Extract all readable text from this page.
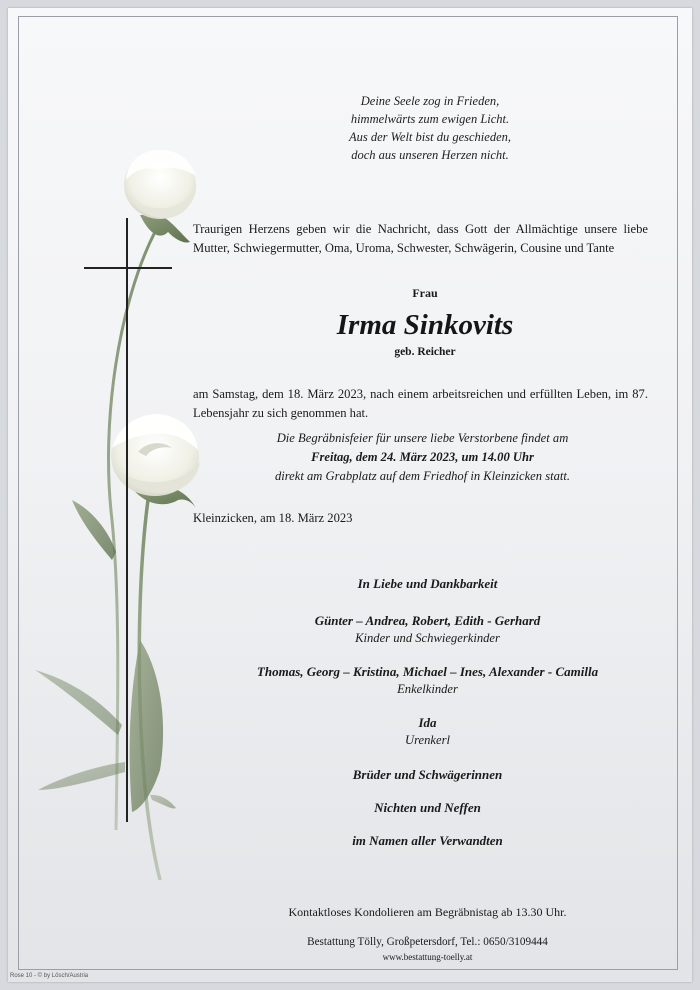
Deine Seele zog in Frieden,
himmelwärts zum ewigen Licht.
Aus der Welt bist du geschieden,
doch aus unseren Herzen nicht.
Traurigen Herzens geben wir die Nachricht, dass Gott der Allmächtige unsere liebe Mutter, Schwiegermutter, Oma, Uroma, Schwester, Schwägerin, Cousine und Tante
Frau
Irma Sinkovits
geb. Reicher
am Samstag, dem 18. März 2023, nach einem arbeitsreichen und erfüllten Leben, im 87. Lebensjahr zu sich genommen hat.
Die Begräbnisfeier für unsere liebe Verstorbene findet am
Freitag, dem 24. März 2023, um 14.00 Uhr
direkt am Grabplatz auf dem Friedhof in Kleinzicken statt.
Kleinzicken, am 18. März 2023
In Liebe und Dankbarkeit
Günter – Andrea, Robert, Edith - Gerhard
Kinder und Schwiegerkinder
Thomas, Georg – Kristina, Michael – Ines, Alexander - Camilla
Enkelkinder
Ida
Urenkerl
Brüder und Schwägerinnen
Nichten und Neffen
im Namen aller Verwandten
Kontaktloses Kondolieren am Begräbnistag ab 13.30 Uhr.
Bestattung Tölly, Großpetersdorf, Tel.: 0650/3109444
www.bestattung-toelly.at
Rose 10 - © by Lösch/Austria
